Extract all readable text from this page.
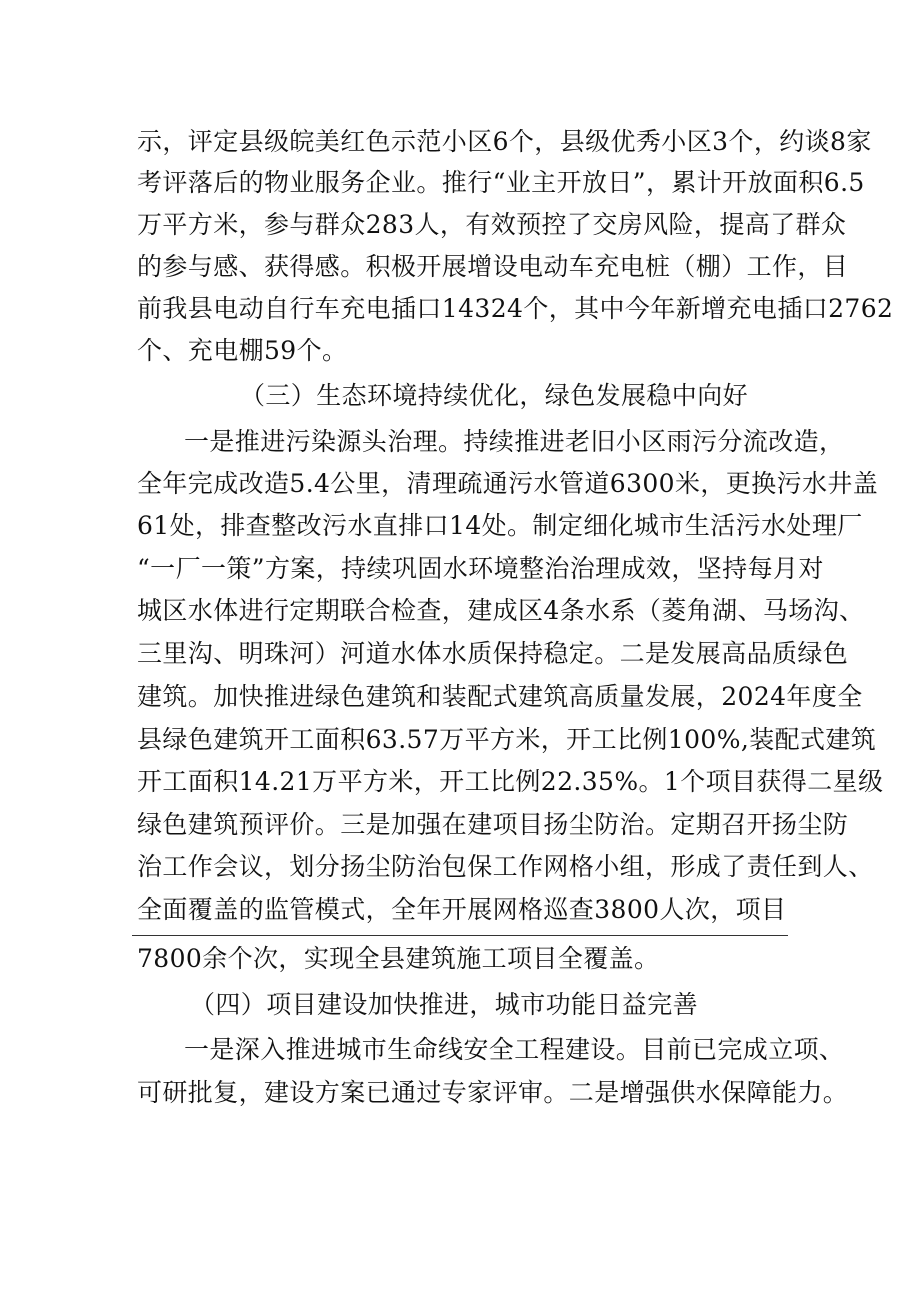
示，评定县级皖美红色示范小区6个，县级优秀小区3个，约谈8家
考评落后的物业服务企业。推行“业主开放日”，累计开放面积6.5
万平方米，参与群众283人，有效预控了交房风险，提高了群众
的参与感、获得感。积极开展增设电动车充电桩（棚）工作，目
前我县电动自行车充电插口14324个，其中今年新增充电插口2762
个、充电棚59个。
（三）生态环境持续优化，绿色发展稳中向好
一是推进污染源头治理。持续推进老旧小区雨污分流改造，
全年完成改造5.4公里，清理疏通污水管道6300米，更换污水井盖
61处，排查整改污水直排口14处。制定细化城市生活污水处理厂
“一厂一策”方案，持续巩固水环境整治治理成效，坚持每月对
城区水体进行定期联合检查，建成区4条水系（菱角湖、马场沟、
三里沟、明珠河）河道水体水质保持稳定。二是发展高品质绿色
建筑。加快推进绿色建筑和装配式建筑高质量发展，2024年度全
县绿色建筑开工面积63.57万平方米，开工比例100%,装配式建筑
开工面积14.21万平方米，开工比例22.35%。1个项目获得二星级
绿色建筑预评价。三是加强在建项目扬尘防治。定期召开扬尘防
治工作会议，划分扬尘防治包保工作网格小组，形成了责任到人、
全面覆盖的监管模式，全年开展网格巡查3800人次，项目
7800余个次，实现全县建筑施工项目全覆盖。
（四）项目建设加快推进，城市功能日益完善
一是深入推进城市生命线安全工程建设。目前已完成立项、
可研批复，建设方案已通过专家评审。二是增强供水保障能力。
